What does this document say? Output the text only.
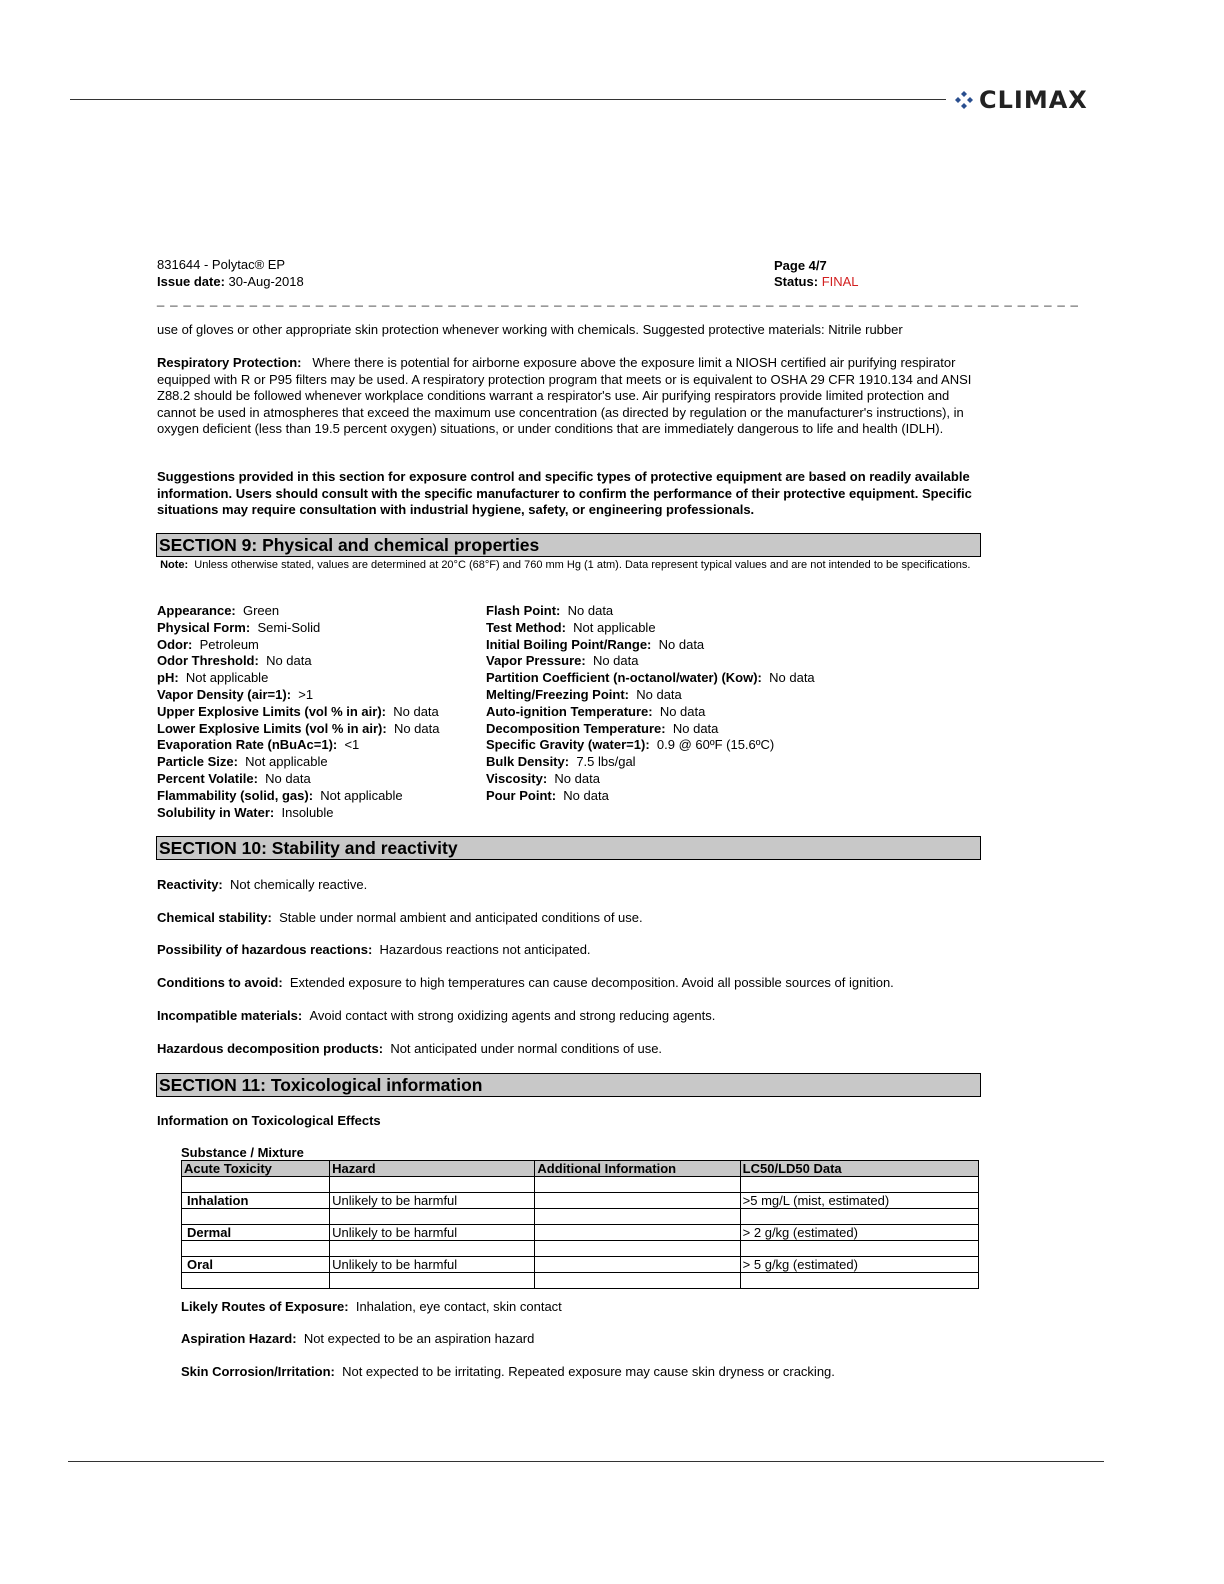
CLIMAX
831644 - Polytac® EP
Issue date: 30-Aug-2018
Page 4/7
Status: FINAL
_ _ _ _ _ _ _ _ _ _ _ _ _ _ _ _ _ _ _ _ _ _ _ _ _ _ _ _ _ _ _ _ _ _ _ _ _ _ _ _ _ _ _ _ _ _ _ _ _ _ _ _ _ _ _ _ _ _ _ _ _ _ _ _ _ _ _ _ _ _
use of gloves or other appropriate skin protection whenever working with chemicals. Suggested protective materials: Nitrile rubber
Respiratory Protection: Where there is potential for airborne exposure above the exposure limit a NIOSH certified air purifying respirator equipped with R or P95 filters may be used. A respiratory protection program that meets or is equivalent to OSHA 29 CFR 1910.134 and ANSI Z88.2 should be followed whenever workplace conditions warrant a respirator's use. Air purifying respirators provide limited protection and cannot be used in atmospheres that exceed the maximum use concentration (as directed by regulation or the manufacturer's instructions), in oxygen deficient (less than 19.5 percent oxygen) situations, or under conditions that are immediately dangerous to life and health (IDLH).
Suggestions provided in this section for exposure control and specific types of protective equipment are based on readily available information. Users should consult with the specific manufacturer to confirm the performance of their protective equipment. Specific situations may require consultation with industrial hygiene, safety, or engineering professionals.
SECTION 9: Physical and chemical properties
Note: Unless otherwise stated, values are determined at 20°C (68°F) and 760 mm Hg (1 atm). Data represent typical values and are not intended to be specifications.
Appearance: Green
Physical Form: Semi-Solid
Odor: Petroleum
Odor Threshold: No data
pH: Not applicable
Vapor Density (air=1): >1
Upper Explosive Limits (vol % in air): No data
Lower Explosive Limits (vol % in air): No data
Evaporation Rate (nBuAc=1): <1
Particle Size: Not applicable
Percent Volatile: No data
Flammability (solid, gas): Not applicable
Solubility in Water: Insoluble
Flash Point: No data
Test Method: Not applicable
Initial Boiling Point/Range: No data
Vapor Pressure: No data
Partition Coefficient (n-octanol/water) (Kow): No data
Melting/Freezing Point: No data
Auto-ignition Temperature: No data
Decomposition Temperature: No data
Specific Gravity (water=1): 0.9 @ 60ºF (15.6ºC)
Bulk Density: 7.5 lbs/gal
Viscosity: No data
Pour Point: No data
SECTION 10: Stability and reactivity
Reactivity: Not chemically reactive.
Chemical stability: Stable under normal ambient and anticipated conditions of use.
Possibility of hazardous reactions: Hazardous reactions not anticipated.
Conditions to avoid: Extended exposure to high temperatures can cause decomposition. Avoid all possible sources of ignition.
Incompatible materials: Avoid contact with strong oxidizing agents and strong reducing agents.
Hazardous decomposition products: Not anticipated under normal conditions of use.
SECTION 11: Toxicological information
Information on Toxicological Effects
Substance / Mixture
Acute Toxicity	Hazard	Additional Information	LC50/LD50 Data

Inhalation	Unlikely to be harmful		>5 mg/L (mist, estimated)

Dermal	Unlikely to be harmful		> 2 g/kg (estimated)

Oral	Unlikely to be harmful		> 5 g/kg (estimated)

Likely Routes of Exposure: Inhalation, eye contact, skin contact
Aspiration Hazard: Not expected to be an aspiration hazard
Skin Corrosion/Irritation: Not expected to be irritating. Repeated exposure may cause skin dryness or cracking.
